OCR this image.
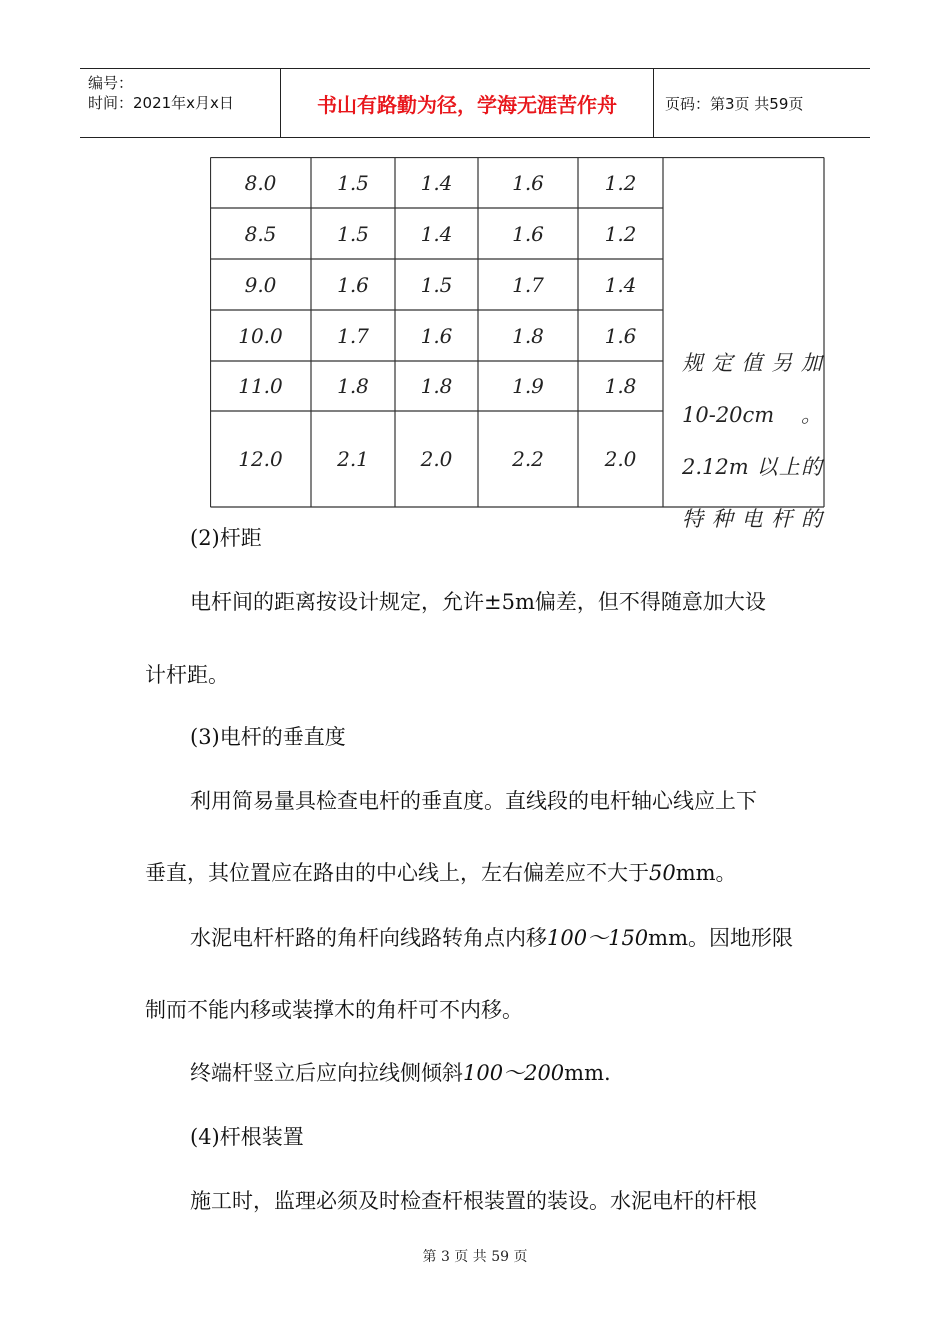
编号：
时间：2021年x月x日	书山有路勤为径，学海无涯苦作舟	页码：第3页 共59页
8.0	1.5	1.4	1.6	1.2
8.5	1.5	1.4	1.6	1.2
9.0	1.6	1.5	1.7	1.4
10.0	1.7	1.6	1.8	1.6
11.0	1.8	1.8	1.9	1.8
12.0	2.1	2.0	2.2	2.0
规定值另加
10-20cm。
2.12m 以上的
特种电杆的
(2)杆距
电杆间的距离按设计规定，允许±5m偏差，但不得随意加大设
计杆距。
(3)电杆的垂直度
利用简易量具检查电杆的垂直度。直线段的电杆轴心线应上下
垂直，其位置应在路由的中心线上，左右偏差应不大于50mm。
水泥电杆杆路的角杆向线路转角点内移100～150mm。因地形限
制而不能内移或装撑木的角杆可不内移。
终端杆竖立后应向拉线侧倾斜100～200mm.
(4)杆根装置
施工时，监理必须及时检查杆根装置的装设。水泥电杆的杆根
第 3 页 共 59 页
